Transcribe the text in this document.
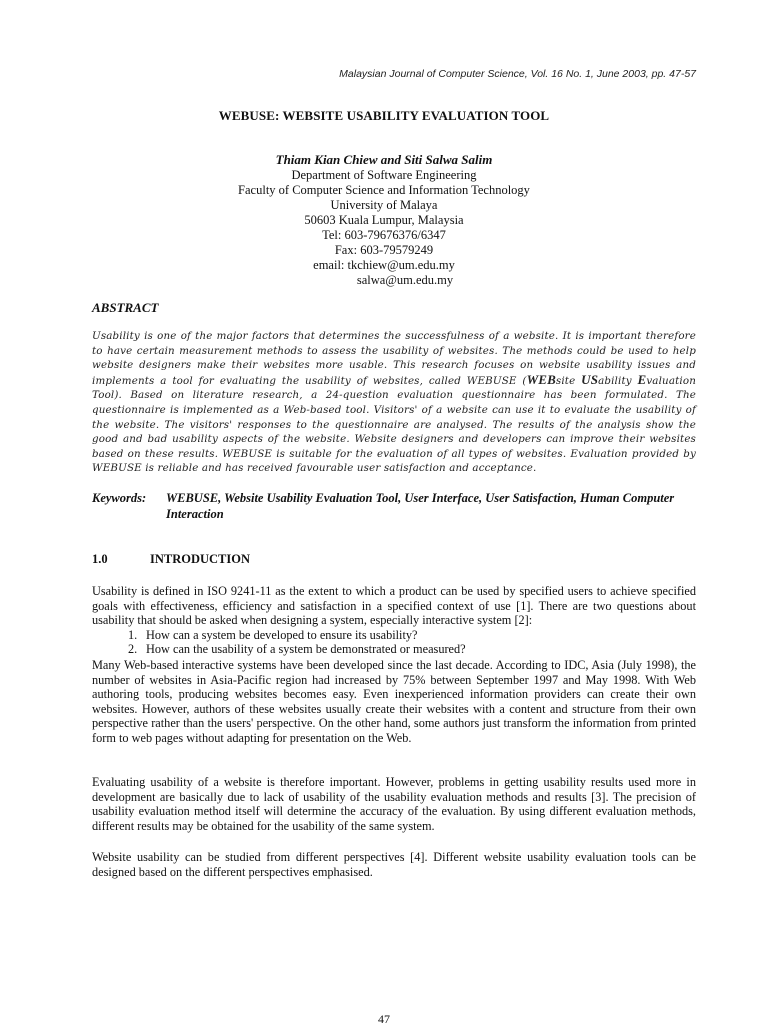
Malaysian Journal of Computer Science, Vol. 16 No. 1, June 2003, pp. 47-57
WEBUSE: WEBSITE USABILITY EVALUATION TOOL
Thiam Kian Chiew and Siti Salwa Salim
Department of Software Engineering
Faculty of Computer Science and Information Technology
University of Malaya
50603 Kuala Lumpur, Malaysia
Tel: 603-79676376/6347
Fax: 603-79579249
email: tkchiew@um.edu.my
salwa@um.edu.my
ABSTRACT
Usability is one of the major factors that determines the successfulness of a website. It is important therefore to have certain measurement methods to assess the usability of websites. The methods could be used to help website designers make their websites more usable. This research focuses on website usability issues and implements a tool for evaluating the usability of websites, called WEBUSE (WEBsite USability Evaluation Tool). Based on literature research, a 24-question evaluation questionnaire has been formulated. The questionnaire is implemented as a Web-based tool. Visitors' of a website can use it to evaluate the usability of the website. The visitors' responses to the questionnaire are analysed. The results of the analysis show the good and bad usability aspects of the website. Website designers and developers can improve their websites based on these results. WEBUSE is suitable for the evaluation of all types of websites. Evaluation provided by WEBUSE is reliable and has received favourable user satisfaction and acceptance.
Keywords: WEBUSE, Website Usability Evaluation Tool, User Interface, User Satisfaction, Human Computer Interaction
1.0	INTRODUCTION
Usability is defined in ISO 9241-11 as the extent to which a product can be used by specified users to achieve specified goals with effectiveness, efficiency and satisfaction in a specified context of use [1]. There are two questions about usability that should be asked when designing a system, especially interactive system [2]:
1. How can a system be developed to ensure its usability?
2. How can the usability of a system be demonstrated or measured?
Many Web-based interactive systems have been developed since the last decade. According to IDC, Asia (July 1998), the number of websites in Asia-Pacific region had increased by 75% between September 1997 and May 1998. With Web authoring tools, producing websites becomes easy. Even inexperienced information providers can create their own websites. However, authors of these websites usually create their websites with a content and structure from their own perspective rather than the users' perspective. On the other hand, some authors just transform the information from printed form to web pages without adapting for presentation on the Web.
Evaluating usability of a website is therefore important. However, problems in getting usability results used more in development are basically due to lack of usability of the usability evaluation methods and results [3]. The precision of usability evaluation method itself will determine the accuracy of the evaluation. By using different evaluation methods, different results may be obtained for the usability of the same system.
Website usability can be studied from different perspectives [4]. Different website usability evaluation tools can be designed based on the different perspectives emphasised.
47
